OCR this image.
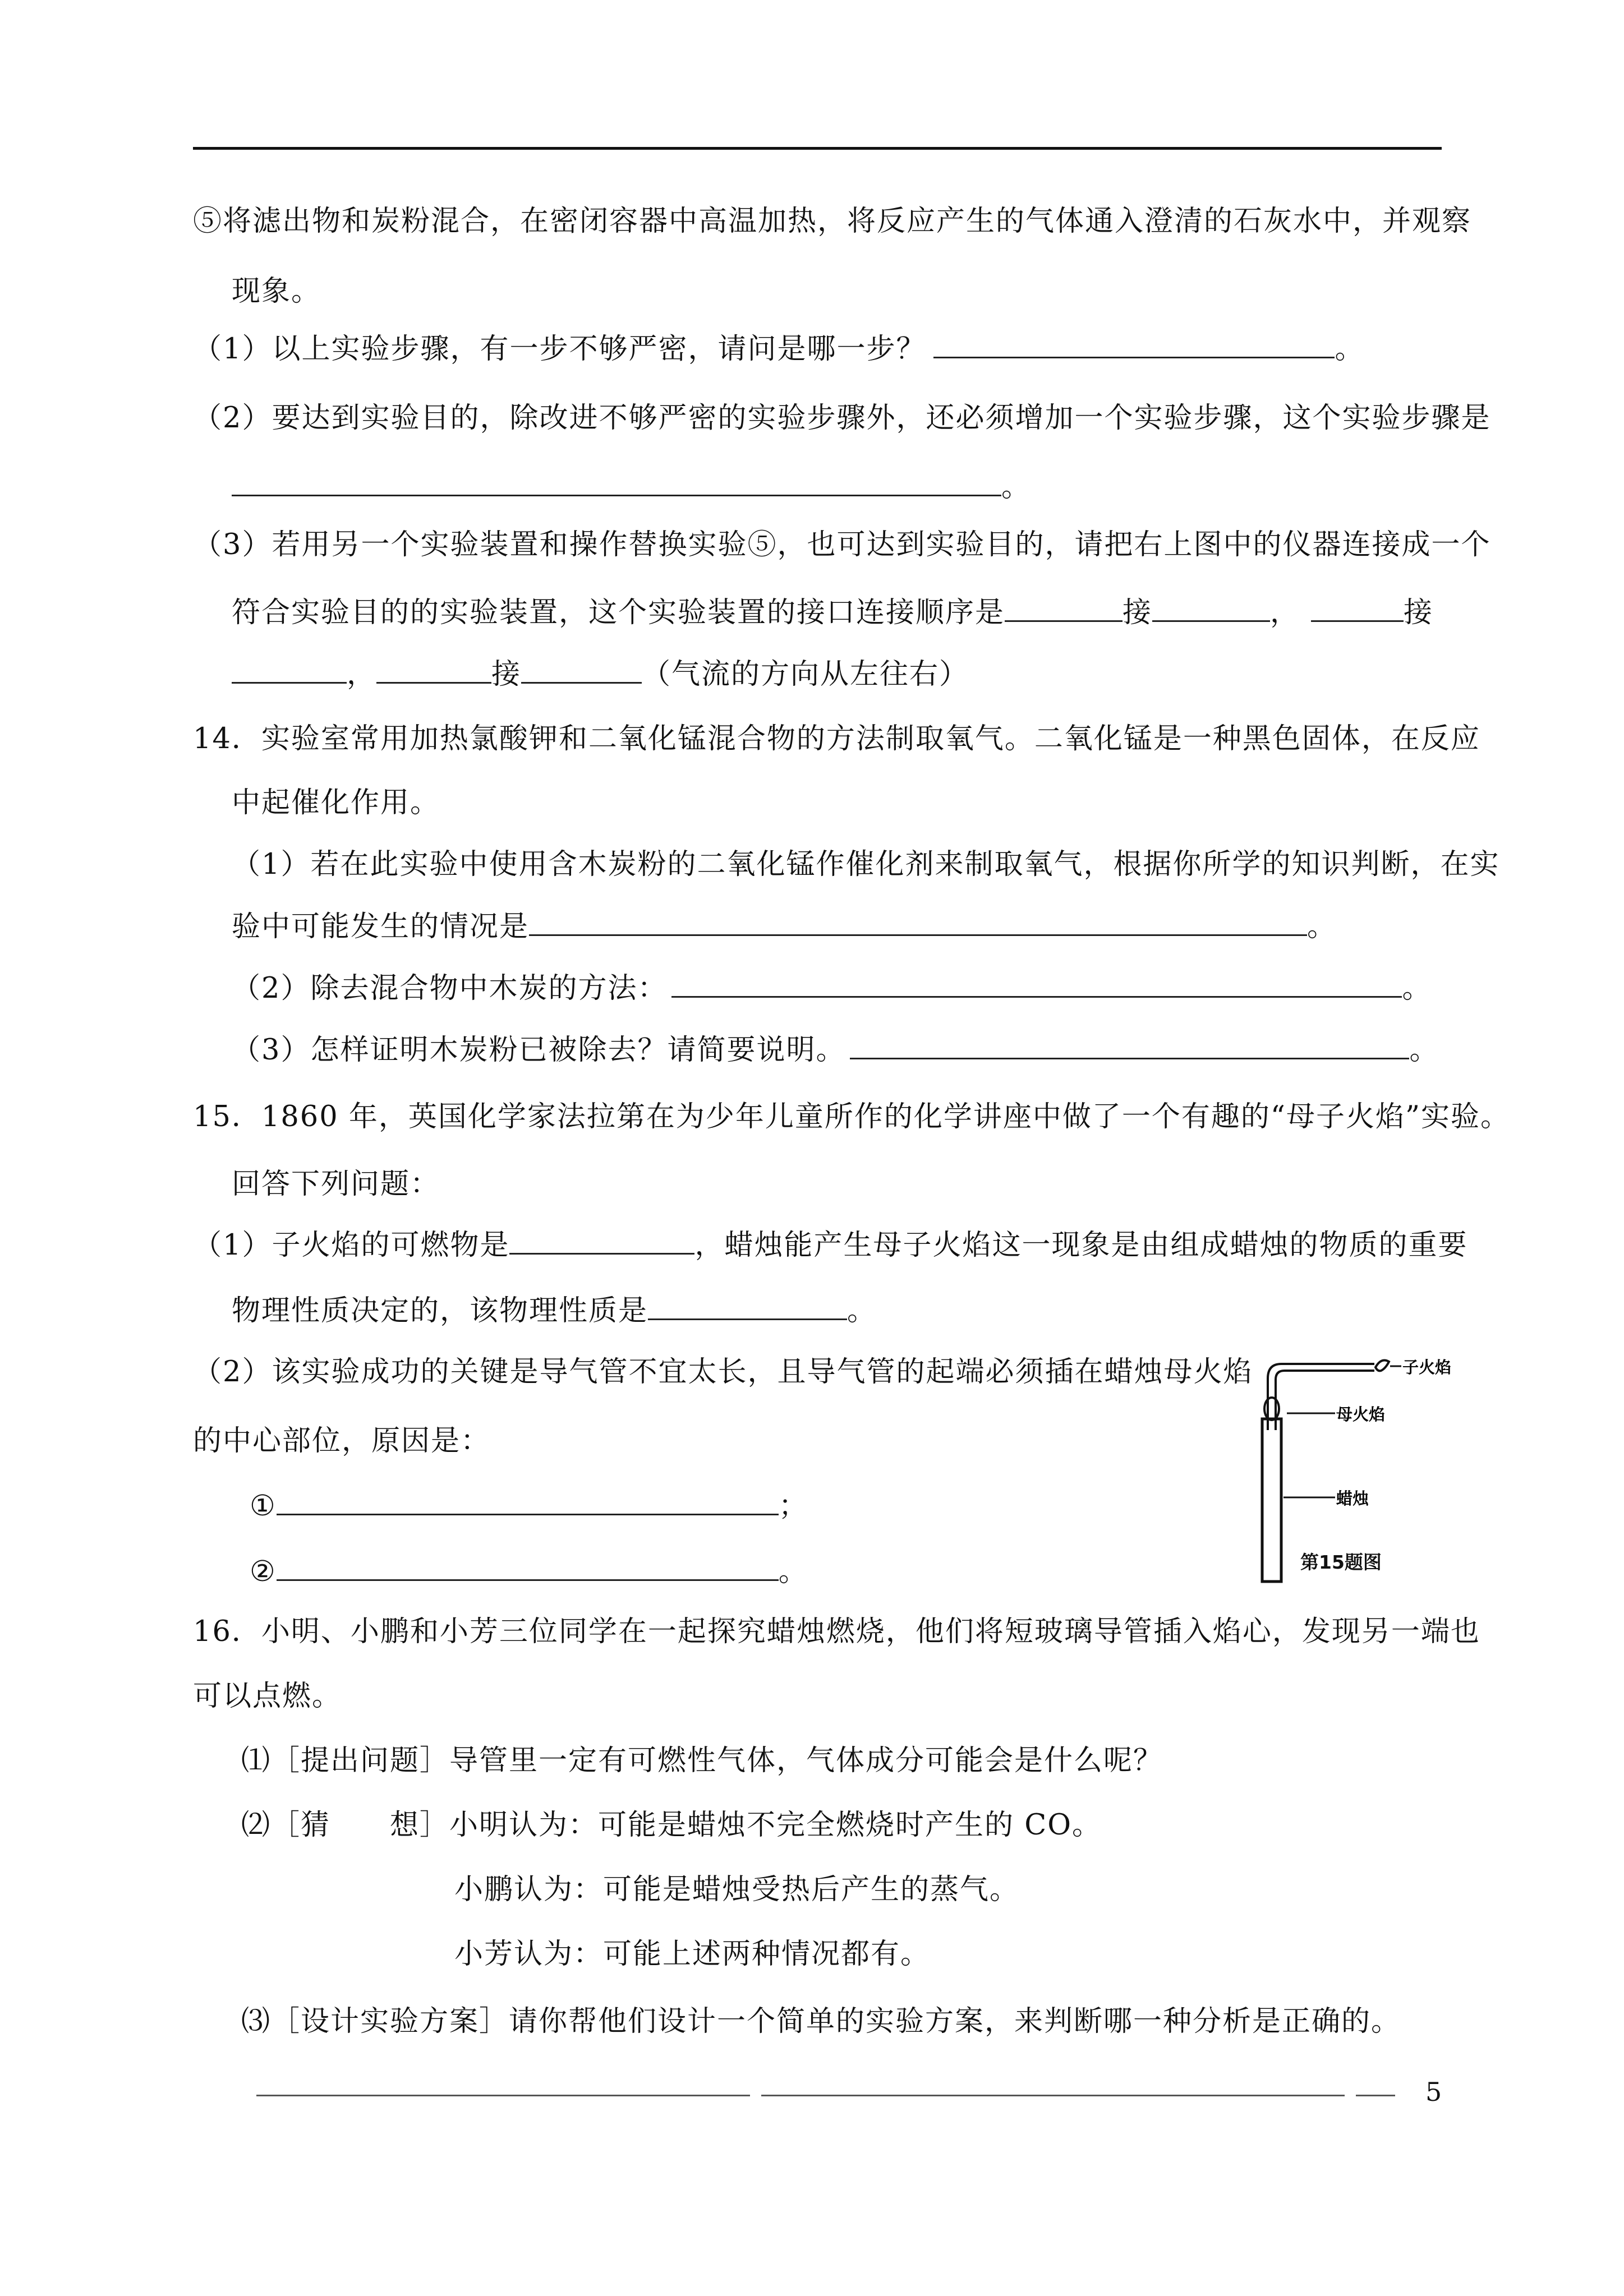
⑤将滤出物和炭粉混合，在密闭容器中高温加热，将反应产生的气体通入澄清的石灰水中，并观察
现象。
（1）以上实验步骤，有一步不够严密，请问是哪一步？	。
（2）要达到实验目的，除改进不够严密的实验步骤外，还必须增加一个实验步骤，这个实验步骤是
。
（3）若用另一个实验装置和操作替换实验⑤，也可达到实验目的，请把右上图中的仪器连接成一个
符合实验目的的实验装置，这个实验装置的接口连接顺序是	接	，	接
，	接	（气流的方向从左往右）
14．实验室常用加热氯酸钾和二氧化锰混合物的方法制取氧气。二氧化锰是一种黑色固体，在反应
中起催化作用。
（1）若在此实验中使用含木炭粉的二氧化锰作催化剂来制取氧气，根据你所学的知识判断，在实
验中可能发生的情况是	。
（2）除去混合物中木炭的方法：	。
（3）怎样证明木炭粉已被除去？请简要说明。	。
15．1860 年，英国化学家法拉第在为少年儿童所作的化学讲座中做了一个有趣的“母子火焰”实验。
回答下列问题：
（1）子火焰的可燃物是	，蜡烛能产生母子火焰这一现象是由组成蜡烛的物质的重要
物理性质决定的，该物理性质是	。
（2）该实验成功的关键是导气管不宜太长，且导气管的起端必须插在蜡烛母火焰
的中心部位，原因是：
①	；
②	。
子火焰
母火焰
蜡烛
第15题图
16．小明、小鹏和小芳三位同学在一起探究蜡烛燃烧，他们将短玻璃导管插入焰心，发现另一端也
可以点燃。
⑴［提出问题］导管里一定有可燃性气体，气体成分可能会是什么呢？
⑵［猜　　想］小明认为：可能是蜡烛不完全燃烧时产生的 CO。
小鹏认为：可能是蜡烛受热后产生的蒸气。
小芳认为：可能上述两种情况都有。
⑶［设计实验方案］请你帮他们设计一个简单的实验方案，来判断哪一种分析是正确的。
5
